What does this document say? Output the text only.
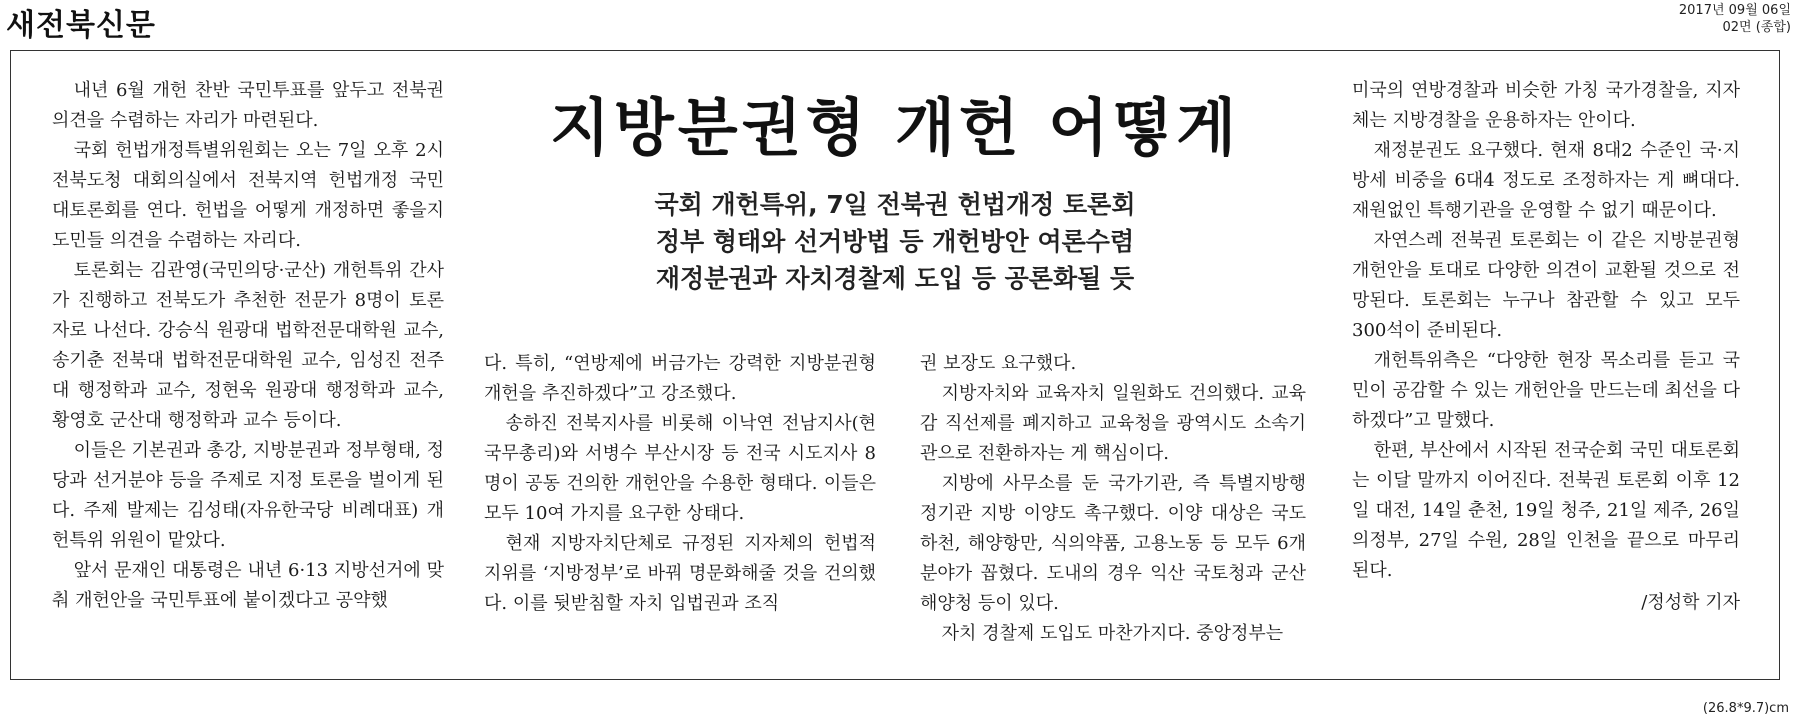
새전북신문	2017년 09월 06일
02면 (종합)

내년 6월 개헌 찬반 국민투표를 앞두고 전북권 의견을 수렴하는 자리가 마련된다.

국회 헌법개정특별위원회는 오는 7일 오후 2시 전북도청 대회의실에서 전북지역 헌법개정 국민 대토론회를 연다. 헌법을 어떻게 개정하면 좋을지 도민들 의견을 수렴하는 자리다.

토론회는 김관영(국민의당·군산) 개헌특위 간사가 진행하고 전북도가 추천한 전문가 8명이 토론자로 나선다. 강승식 원광대 법학전문대학원 교수, 송기춘 전북대 법학전문대학원 교수, 임성진 전주대 행정학과 교수, 정현욱 원광대 행정학과 교수, 황영호 군산대 행정학과 교수 등이다.

이들은 기본권과 총강, 지방분권과 정부형태, 정당과 선거분야 등을 주제로 지정 토론을 벌이게 된다. 주제 발제는 김성태(자유한국당 비례대표) 개헌특위 위원이 맡았다.

앞서 문재인 대통령은 내년 6·13 지방선거에 맞춰 개헌안을 국민투표에 붙이겠다고 공약했

지방분권형 개헌 어떻게
국회 개헌특위, 7일 전북권 헌법개정 토론회
정부 형태와 선거방법 등 개헌방안 여론수렴
재정분권과 자치경찰제 도입 등 공론화될 듯

다. 특히, “연방제에 버금가는 강력한 지방분권형 개헌을 추진하겠다”고 강조했다.

송하진 전북지사를 비롯해 이낙연 전남지사(현 국무총리)와 서병수 부산시장 등 전국 시도지사 8명이 공동 건의한 개헌안을 수용한 형태다. 이들은 모두 10여 가지를 요구한 상태다.

현재 지방자치단체로 규정된 지자체의 헌법적 지위를 ‘지방정부’로 바꿔 명문화해줄 것을 건의했다. 이를 뒷받침할 자치 입법권과 조직

권 보장도 요구했다.

지방자치와 교육자치 일원화도 건의했다. 교육감 직선제를 폐지하고 교육청을 광역시도 소속기관으로 전환하자는 게 핵심이다.

지방에 사무소를 둔 국가기관, 즉 특별지방행정기관 지방 이양도 촉구했다. 이양 대상은 국도하천, 해양항만, 식의약품, 고용노동 등 모두 6개 분야가 꼽혔다. 도내의 경우 익산 국토청과 군산 해양청 등이 있다.

자치 경찰제 도입도 마찬가지다. 중앙정부는

미국의 연방경찰과 비슷한 가칭 국가경찰을, 지자체는 지방경찰을 운용하자는 안이다.

재정분권도 요구했다. 현재 8대2 수준인 국·지방세 비중을 6대4 정도로 조정하자는 게 뼈대다. 재원없인 특행기관을 운영할 수 없기 때문이다.

자연스레 전북권 토론회는 이 같은 지방분권형 개헌안을 토대로 다양한 의견이 교환될 것으로 전망된다. 토론회는 누구나 참관할 수 있고 모두 300석이 준비된다.

개헌특위측은 “다양한 현장 목소리를 듣고 국민이 공감할 수 있는 개헌안을 만드는데 최선을 다하겠다”고 말했다.

한편, 부산에서 시작된 전국순회 국민 대토론회는 이달 말까지 이어진다. 전북권 토론회 이후 12일 대전, 14일 춘천, 19일 청주, 21일 제주, 26일 의정부, 27일 수원, 28일 인천을 끝으로 마무리 된다.

/정성학 기자

(26.8*9.7)cm
